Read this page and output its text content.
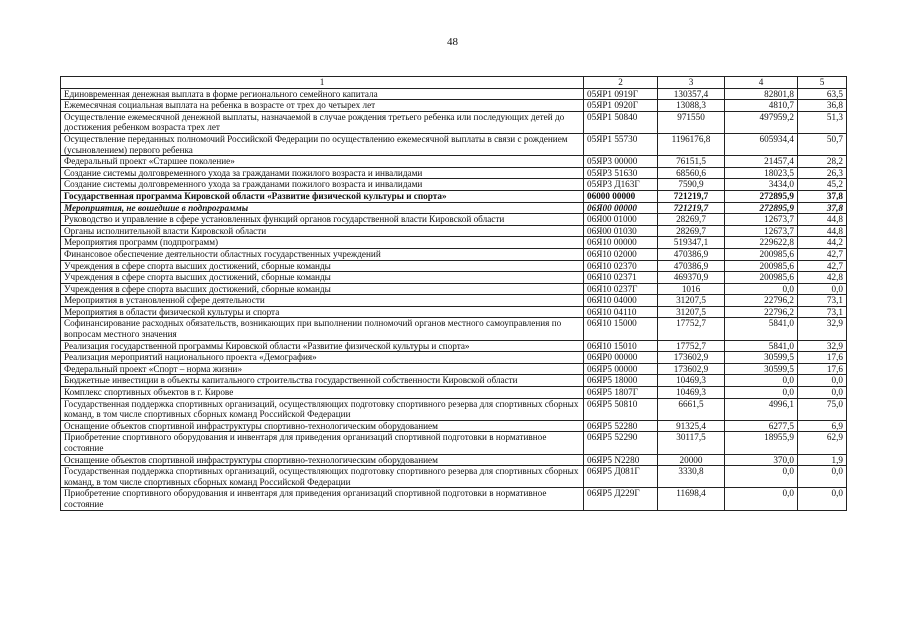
48
1	2	3	4	5
Единовременная денежная выплата в форме регионального семейного капитала	05ЯР1 0919Г	130357,4	82801,8	63,5
Ежемесячная социальная выплата на ребенка в возрасте от трех до четырех лет	05ЯР1 0920Г	13088,3	4810,7	36,8
Осуществление ежемесячной денежной выплаты, назначаемой в случае рождения третьего ребенка или последующих детей до достижения ребенком возраста трех лет	05ЯР1 50840	971550	497959,2	51,3
Осуществление переданных полномочий Российской Федерации по осуществлению ежемесячной выплаты в связи с рождением (усыновлением) первого ребенка	05ЯР1 55730	1196176,8	605934,4	50,7
Федеральный проект «Старшее поколение»	05ЯР3 00000	76151,5	21457,4	28,2
Создание системы долговременного ухода за гражданами пожилого возраста и инвалидами	05ЯР3 51630	68560,6	18023,5	26,3
Создание системы долговременного ухода за гражданами пожилого возраста и инвалидами	05ЯР3 Д163Г	7590,9	3434,0	45,2
Государственная программа Кировской области «Развитие физической культуры и спорта»	06000 00000	721219,7	272895,9	37,8
Мероприятия, не вошедшие в подпрограммы	06Я00 00000	721219,7	272895,9	37,8
Руководство и управление в сфере установленных функций органов государственной власти Кировской области	06Я00 01000	28269,7	12673,7	44,8
Органы исполнительной власти Кировской области	06Я00 01030	28269,7	12673,7	44,8
Мероприятия программ (подпрограмм)	06Я10 00000	519347,1	229622,8	44,2
Финансовое обеспечение деятельности областных государственных учреждений	06Я10 02000	470386,9	200985,6	42,7
Учреждения в сфере спорта высших достижений, сборные команды	06Я10 02370	470386,9	200985,6	42,7
Учреждения в сфере спорта высших достижений, сборные команды	06Я10 02371	469370,9	200985,6	42,8
Учреждения в сфере спорта высших достижений, сборные команды	06Я10 0237Г	1016	0,0	0,0
Мероприятия в установленной сфере деятельности	06Я10 04000	31207,5	22796,2	73,1
Мероприятия в области физической культуры и спорта	06Я10 04110	31207,5	22796,2	73,1
Софинансирование расходных обязательств, возникающих при выполнении полномочий органов местного самоуправления по вопросам местного значения	06Я10 15000	17752,7	5841,0	32,9
Реализация государственной программы Кировской области «Развитие физической культуры и спорта»	06Я10 15010	17752,7	5841,0	32,9
Реализация мероприятий национального проекта «Демография»	06ЯР0 00000	173602,9	30599,5	17,6
Федеральный проект «Спорт – норма жизни»	06ЯР5 00000	173602,9	30599,5	17,6
Бюджетные инвестиции в объекты капитального строительства государственной собственности Кировской области	06ЯР5 18000	10469,3	0,0	0,0
Комплекс спортивных объектов в г. Кирове	06ЯР5 1807Г	10469,3	0,0	0,0
Государственная поддержка спортивных организаций, осуществляющих подготовку спортивного резерва для спортивных сборных команд, в том числе спортивных сборных команд Российской Федерации	06ЯР5 50810	6661,5	4996,1	75,0
Оснащение объектов спортивной инфраструктуры спортивно-технологическим оборудованием	06ЯР5 52280	91325,4	6277,5	6,9
Приобретение спортивного оборудования и инвентаря для приведения организаций спортивной подготовки в нормативное состояние	06ЯР5 52290	30117,5	18955,9	62,9
Оснащение объектов спортивной инфраструктуры спортивно-технологическим оборудованием	06ЯР5 N2280	20000	370,0	1,9
Государственная поддержка спортивных организаций, осуществляющих подготовку спортивного резерва для спортивных сборных команд, в том числе спортивных сборных команд Российской Федерации	06ЯР5 Д081Г	3330,8	0,0	0,0
Приобретение спортивного оборудования и инвентаря для приведения организаций спортивной подготовки в нормативное состояние	06ЯР5 Д229Г	11698,4	0,0	0,0
